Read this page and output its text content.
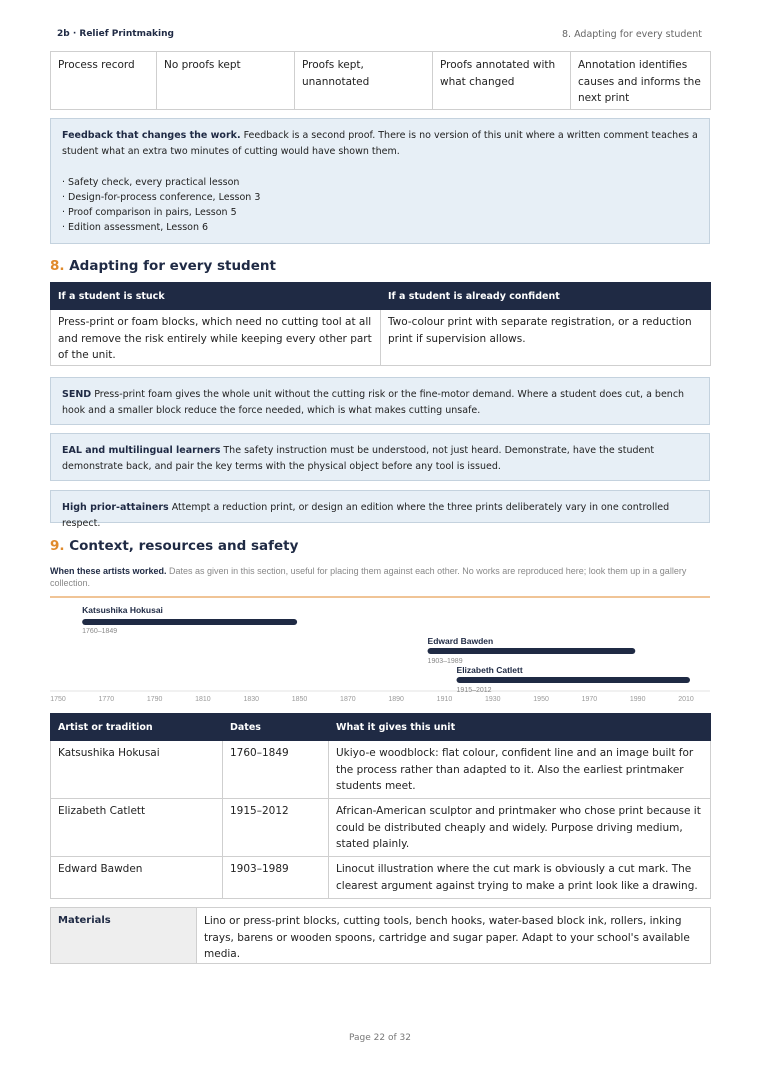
2b · Relief Printmaking	8. Adapting for every student
Process record	No proofs kept	Proofs kept, unannotated	Proofs annotated with what changed	Annotation identifies causes and informs the next print
Feedback that changes the work. Feedback is a second proof. There is no version of this unit where a written comment teaches a student what an extra two minutes of cutting would have shown them.
· Safety check, every practical lesson
· Design-for-process conference, Lesson 3
· Proof comparison in pairs, Lesson 5
· Edition assessment, Lesson 6
8. Adapting for every student
If a student is stuck	If a student is already confident
Press-print or foam blocks, which need no cutting tool at all and remove the risk entirely while keeping every other part of the unit.	Two-colour print with separate registration, or a reduction print if supervision allows.
SEND Press-print foam gives the whole unit without the cutting risk or the fine-motor demand. Where a student does cut, a bench hook and a smaller block reduce the force needed, which is what makes cutting unsafe.
EAL and multilingual learners The safety instruction must be understood, not just heard. Demonstrate, have the student demonstrate back, and pair the key terms with the physical object before any tool is issued.
High prior-attainers Attempt a reduction print, or design an edition where the three prints deliberately vary in one controlled respect.
9. Context, resources and safety
When these artists worked. Dates as given in this section, useful for placing them against each other. No works are reproduced here; look them up in a gallery collection.
1750	1770	1790	1810	1830	1850	1870	1890	1910	1930	1950	1970	1990	2010
Katsushika Hokusai
1760–1849
Edward Bawden
1903–1989
Elizabeth Catlett
1915–2012
Artist or tradition	Dates	What it gives this unit
Katsushika Hokusai	1760–1849	Ukiyo-e woodblock: flat colour, confident line and an image built for the process rather than adapted to it. Also the earliest printmaker students meet.
Elizabeth Catlett	1915–2012	African-American sculptor and printmaker who chose print because it could be distributed cheaply and widely. Purpose driving medium, stated plainly.
Edward Bawden	1903–1989	Linocut illustration where the cut mark is obviously a cut mark. The clearest argument against trying to make a print look like a drawing.
Materials	Lino or press-print blocks, cutting tools, bench hooks, water-based block ink, rollers, inking trays, barens or wooden spoons, cartridge and sugar paper. Adapt to your school's available media.
Page 22 of 32
